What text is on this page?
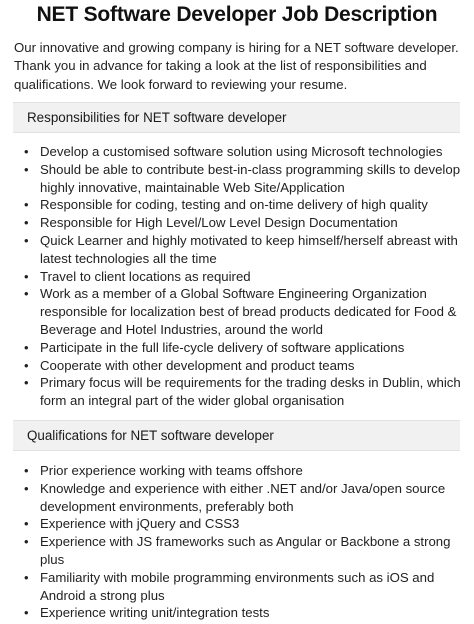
NET Software Developer Job Description

Our innovative and growing company is hiring for a NET software developer. Thank you in advance for taking a look at the list of responsibilities and qualifications. We look forward to reviewing your resume.

Responsibilities for NET software developer
• Develop a customised software solution using Microsoft technologies
• Should be able to contribute best-in-class programming skills to develop highly innovative, maintainable Web Site/Application
• Responsible for coding, testing and on-time delivery of high quality
• Responsible for High Level/Low Level Design Documentation
• Quick Learner and highly motivated to keep himself/herself abreast with latest technologies all the time
• Travel to client locations as required
• Work as a member of a Global Software Engineering Organization responsible for localization best of bread products dedicated for Food & Beverage and Hotel Industries, around the world
• Participate in the full life-cycle delivery of software applications
• Cooperate with other development and product teams
• Primary focus will be requirements for the trading desks in Dublin, which form an integral part of the wider global organisation
Qualifications for NET software developer
• Prior experience working with teams offshore
• Knowledge and experience with either .NET and/or Java/open source development environments, preferably both
• Experience with jQuery and CSS3
• Experience with JS frameworks such as Angular or Backbone a strong plus
• Familiarity with mobile programming environments such as iOS and Android a strong plus
• Experience writing unit/integration tests
